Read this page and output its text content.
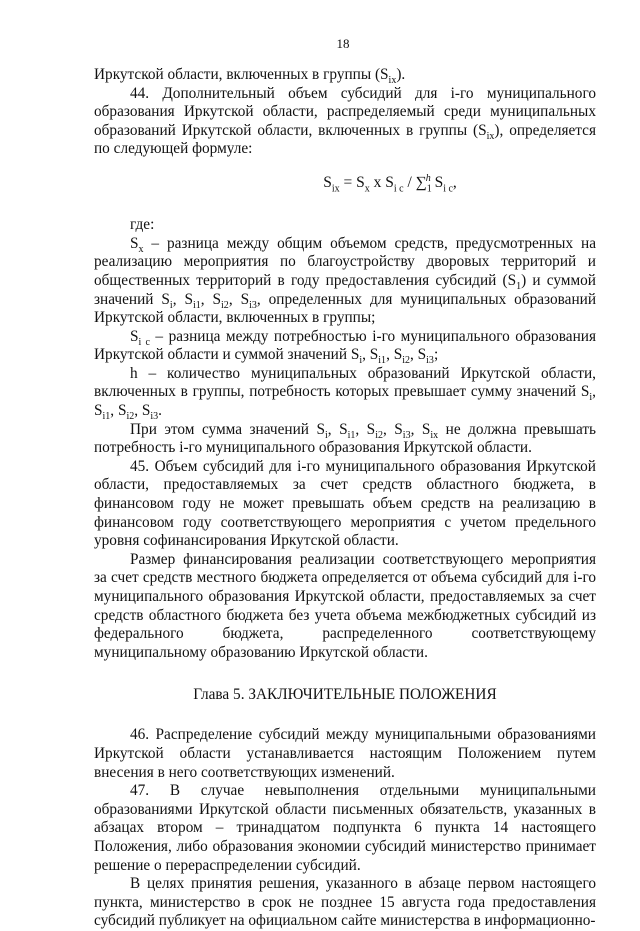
18

Иркутской области, включенных в группы $(S_{ix})$.

44. Дополнительный объем субсидий для i-го муниципального образования Иркутской области, распределяемый среди муниципальных образований Иркутской области, включенных в группы $(S_{ix})$, определяется по следующей формуле:

$S_{ix} = S_x$ x $S_{i c} / \sum_1^h$ $S_{i c}$,

где:

$S_x$ – разница между общим объемом средств, предусмотренных на реализацию мероприятия по благоустройству дворовых территорий и общественных территорий в году предоставления субсидий $(S_1)$ и суммой значений $S_i$, $S_{i1}$, $S_{i2}$, $S_{i3}$, определенных для муниципальных образований Иркутской области, включенных в группы;

$S_{i c}$ – разница между потребностью i-го муниципального образования Иркутской области и суммой значений $S_i$, $S_{i1}$, $S_{i2}$, $S_{i3}$;

h – количество муниципальных образований Иркутской области, включенных в группы, потребность которых превышает сумму значений $S_i$, $S_{i1}$, $S_{i2}$, $S_{i3}$.

При этом сумма значений $S_i$, $S_{i1}$, $S_{i2}$, $S_{i3}$, $S_{ix}$ не должна превышать потребность i-го муниципального образования Иркутской области.

45. Объем субсидий для i-го муниципального образования Иркутской области, предоставляемых за счет средств областного бюджета, в финансовом году не может превышать объем средств на реализацию в финансовом году соответствующего мероприятия с учетом предельного уровня софинансирования Иркутской области.

Размер финансирования реализации соответствующего мероприятия за счет средств местного бюджета определяется от объема субсидий для i-го муниципального образования Иркутской области, предоставляемых за счет средств областного бюджета без учета объема межбюджетных субсидий из федерального бюджета, распределенного соответствующему муниципальному образованию Иркутской области.

Глава 5. ЗАКЛЮЧИТЕЛЬНЫЕ ПОЛОЖЕНИЯ

46. Распределение субсидий между муниципальными образованиями Иркутской области устанавливается настоящим Положением путем внесения в него соответствующих изменений.

47. В случае невыполнения отдельными муниципальными образованиями Иркутской области письменных обязательств, указанных в абзацах втором – тринадцатом подпункта 6 пункта 14 настоящего Положения, либо образования экономии субсидий министерство принимает решение о перераспределении субсидий.

В целях принятия решения, указанного в абзаце первом настоящего пункта, министерство в срок не позднее 15 августа года предоставления субсидий публикует на официальном сайте министерства в информационно-
